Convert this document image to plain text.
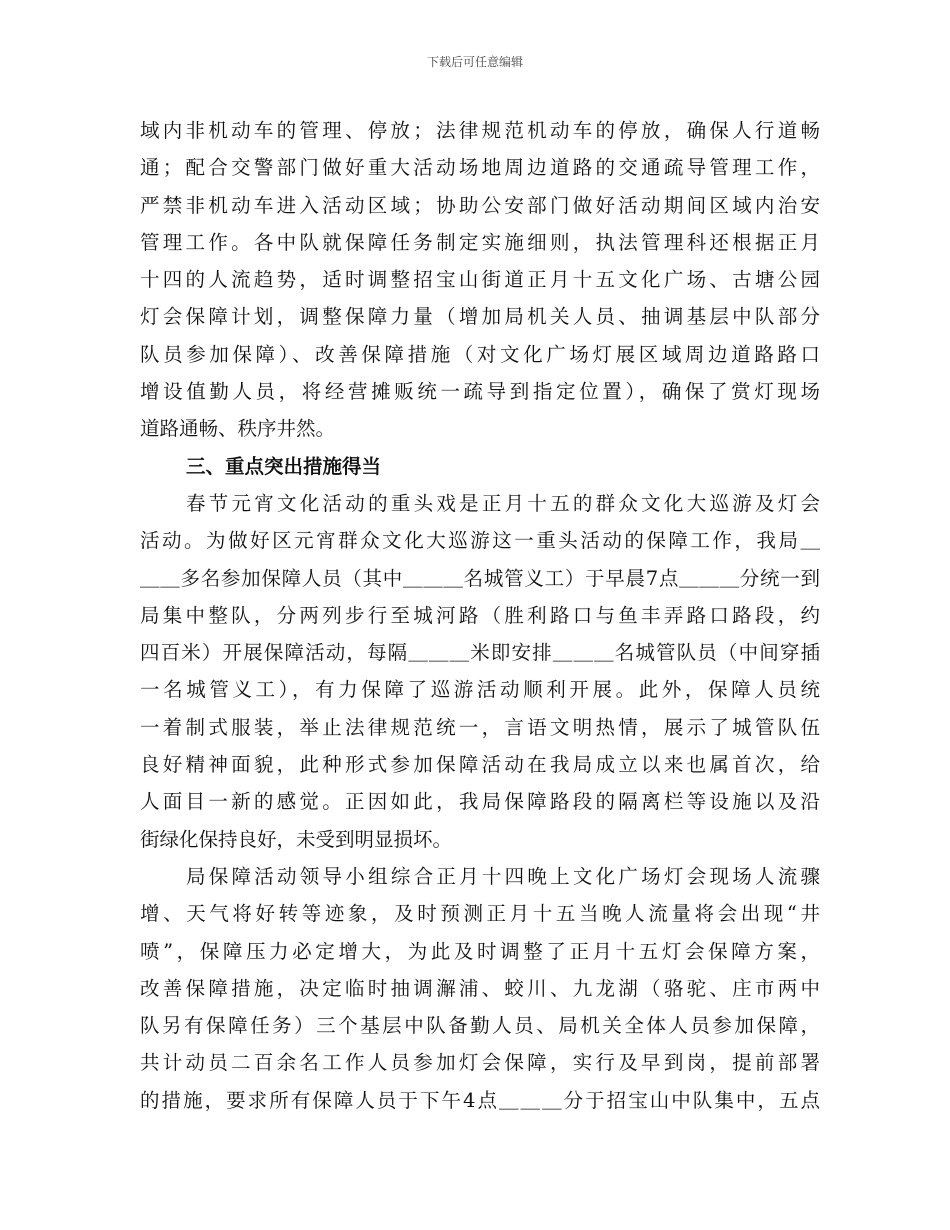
下载后可任意编辑
域内非机动车的管理、停放；法律规范机动车的停放，确保人行道畅
通；配合交警部门做好重大活动场地周边道路的交通疏导管理工作，
严禁非机动车进入活动区域；协助公安部门做好活动期间区域内治安
管理工作。各中队就保障任务制定实施细则，执法管理科还根据正月
十四的人流趋势，适时调整招宝山街道正月十五文化广场、古塘公园
灯会保障计划，调整保障力量（增加局机关人员、抽调基层中队部分
队员参加保障）、改善保障措施（对文化广场灯展区域周边道路路口
增设值勤人员，将经营摊贩统一疏导到指定位置），确保了赏灯现场
道路通畅、秩序井然。
三、重点突出措施得当
春节元宵文化活动的重头戏是正月十五的群众文化大巡游及灯会
活动。为做好区元宵群众文化大巡游这一重头活动的保障工作，我局＿
＿＿多名参加保障人员（其中＿＿＿名城管义工）于早晨7点＿＿＿分统一到
局集中整队，分两列步行至城河路（胜利路口与鱼丰弄路口路段，约
四百米）开展保障活动，每隔＿＿＿米即安排＿＿＿名城管队员（中间穿插
一名城管义工），有力保障了巡游活动顺利开展。此外，保障人员统
一着制式服装，举止法律规范统一，言语文明热情，展示了城管队伍
良好精神面貌，此种形式参加保障活动在我局成立以来也属首次，给
人面目一新的感觉。正因如此，我局保障路段的隔离栏等设施以及沿
街绿化保持良好，未受到明显损坏。
局保障活动领导小组综合正月十四晚上文化广场灯会现场人流骤
增、天气将好转等迹象，及时预测正月十五当晚人流量将会出现“井
喷”，保障压力必定增大，为此及时调整了正月十五灯会保障方案，
改善保障措施，决定临时抽调澥浦、蛟川、九龙湖（骆驼、庄市两中
队另有保障任务）三个基层中队备勤人员、局机关全体人员参加保障，
共计动员二百余名工作人员参加灯会保障，实行及早到岗，提前部署
的措施，要求所有保障人员于下午4点＿＿＿分于招宝山中队集中，五点
